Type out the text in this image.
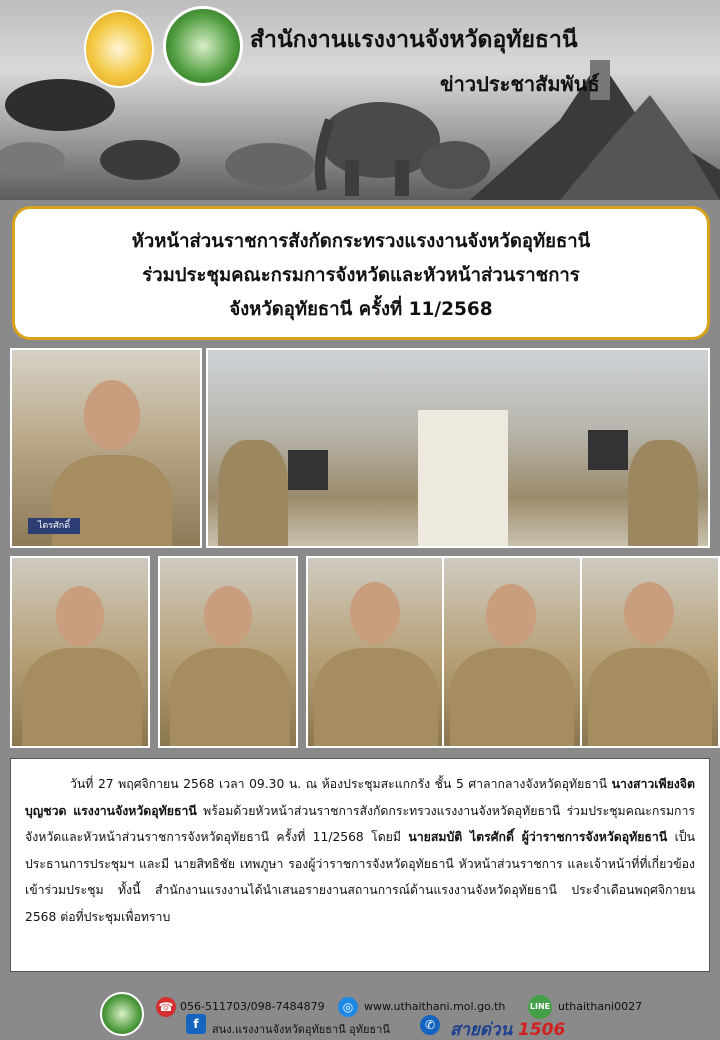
สำนักงานแรงงานจังหวัดอุทัยธานี
ข่าวประชาสัมพันธ์
หัวหน้าส่วนราชการสังกัดกระทรวงแรงงานจังหวัดอุทัยธานี
ร่วมประชุมคณะกรมการจังหวัดและหัวหน้าส่วนราชการ
จังหวัดอุทัยธานี ครั้งที่ 11/2568
ไตรศักดิ์
วันที่ 27 พฤศจิกายน 2568 เวลา 09.30 น. ณ ห้องประชุมสะแกกรัง ชั้น 5 ศาลากลางจังหวัดอุทัยธานี นางสาวเพียงจิต บุญชวด แรงงานจังหวัดอุทัยธานี พร้อมด้วยหัวหน้าส่วนราชการสังกัดกระทรวงแรงงานจังหวัดอุทัยธานี ร่วมประชุมคณะกรมการจังหวัดและหัวหน้าส่วนราชการจังหวัดอุทัยธานี ครั้งที่ 11/2568 โดยมี นายสมบัติ ไตรศักดิ์ ผู้ว่าราชการจังหวัดอุทัยธานี เป็นประธานการประชุมฯ และมี นายสิทธิชัย เทพภูษา รองผู้ว่าราชการจังหวัดอุทัยธานี หัวหน้าส่วนราชการ และเจ้าหน้าที่ที่เกี่ยวข้องเข้าร่วมประชุม ทั้งนี้ สำนักงานแรงงานได้นำเสนอรายงานสถานการณ์ด้านแรงงานจังหวัดอุทัยธานี ประจำเดือนพฤศจิกายน 2568 ต่อที่ประชุมเพื่อทราบ
☎ 056-511703/098-7484879	◎ www.uthaithani.mol.go.th	LINE uthaithani0027
f	สนง.แรงงานจังหวัดอุทัยธานี อุทัยธานี	✆ สายด่วน 1506
